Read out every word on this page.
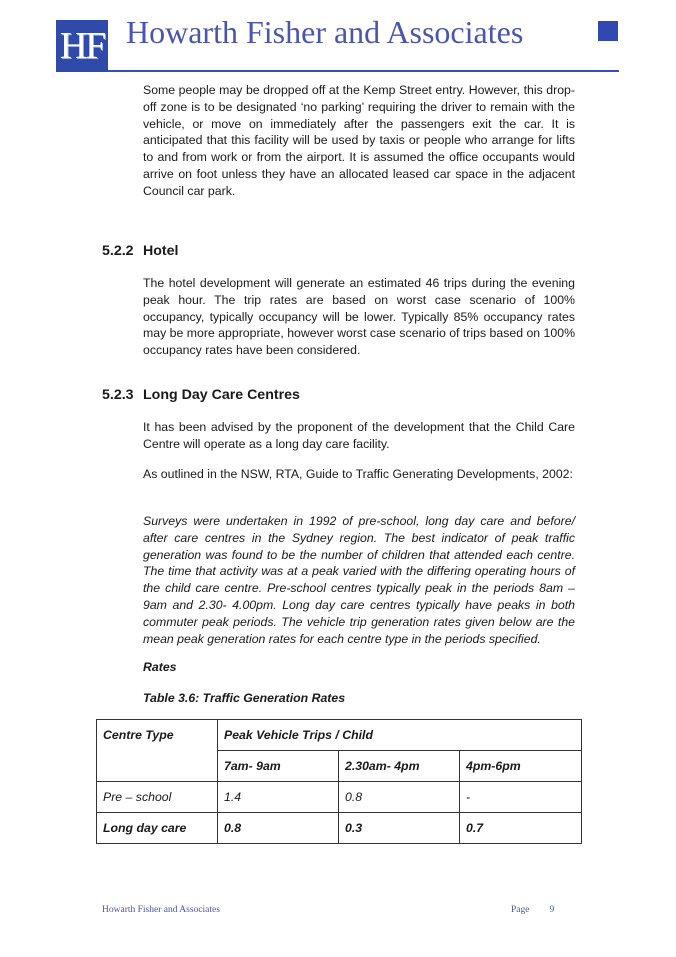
HF Howarth Fisher and Associates
Some people may be dropped off at the Kemp Street entry. However, this drop-off zone is to be designated ‘no parking’ requiring the driver to remain with the vehicle, or move on immediately after the passengers exit the car. It is anticipated that this facility will be used by taxis or people who arrange for lifts to and from work or from the airport. It is assumed the office occupants would arrive on foot unless they have an allocated leased car space in the adjacent Council car park.
5.2.2 Hotel
The hotel development will generate an estimated 46 trips during the evening peak hour. The trip rates are based on worst case scenario of 100% occupancy, typically occupancy will be lower. Typically 85% occupancy rates may be more appropriate, however worst case scenario of trips based on 100% occupancy rates have been considered.
5.2.3 Long Day Care Centres
It has been advised by the proponent of the development that the Child Care Centre will operate as a long day care facility.
As outlined in the NSW, RTA, Guide to Traffic Generating Developments, 2002:
Surveys were undertaken in 1992 of pre-school, long day care and before/ after care centres in the Sydney region. The best indicator of peak traffic generation was found to be the number of children that attended each centre. The time that activity was at a peak varied with the differing operating hours of the child care centre. Pre-school centres typically peak in the periods 8am – 9am and 2.30- 4.00pm. Long day care centres typically have peaks in both commuter peak periods. The vehicle trip generation rates given below are the mean peak generation rates for each centre type in the periods specified.
Rates
Table 3.6: Traffic Generation Rates
Centre Type	Peak Vehicle Trips / Child		
	7am- 9am	2.30am- 4pm	4pm-6pm
Pre – school	1.4	0.8	-
Long day care	0.8	0.3	0.7
Howarth Fisher and Associates	Page 9
